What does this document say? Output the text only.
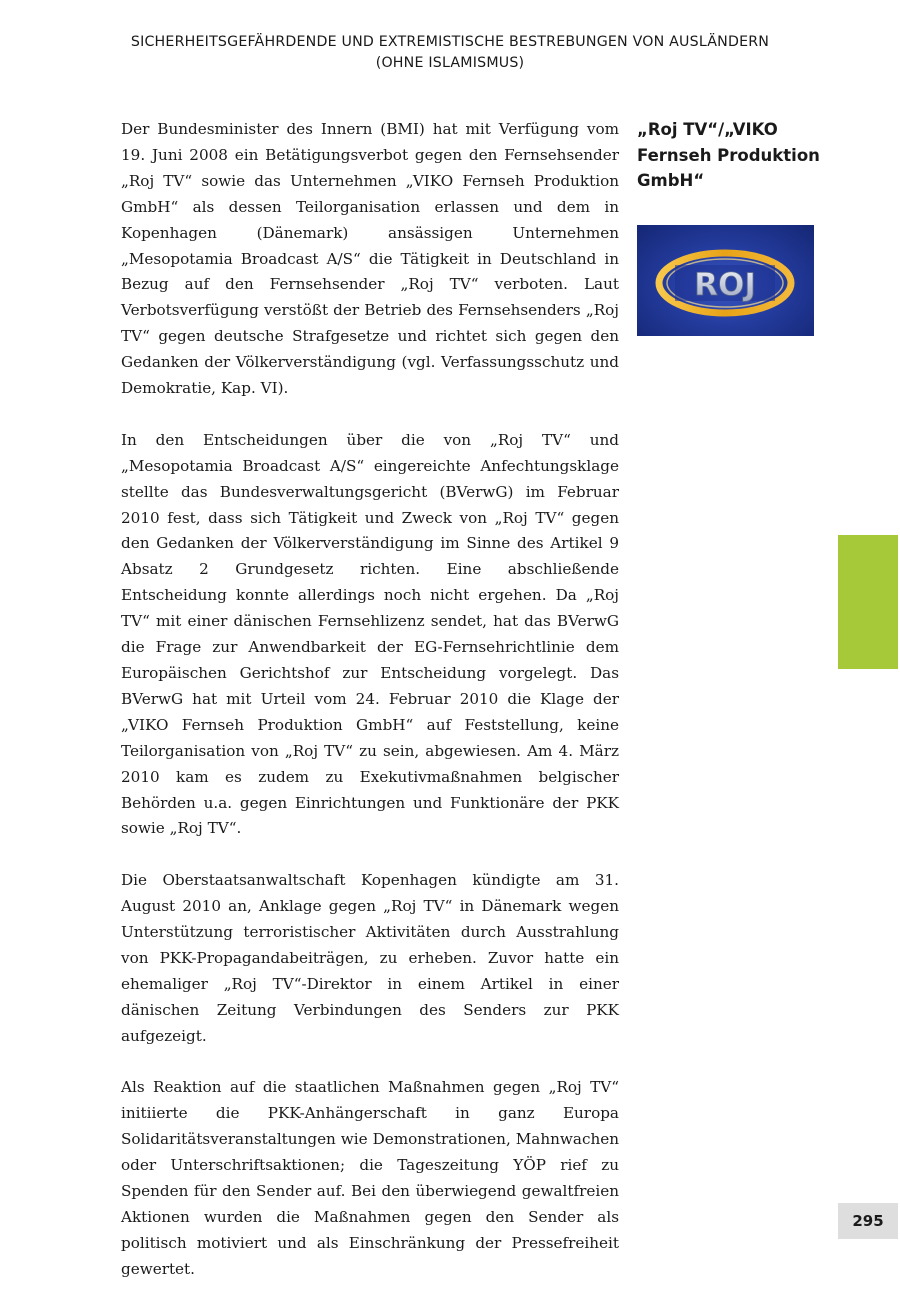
SICHERHEITSGEFÄHRDENDE UND EXTREMISTISCHE BESTREBUNGEN VON AUSLÄNDERN
(OHNE ISLAMISMUS)

Der Bundesminister des Innern (BMI) hat mit Verfügung vom 19. Juni 2008 ein Betätigungsverbot gegen den Fernsehsender „Roj TV“ sowie das Unternehmen „VIKO Fernseh Produktion GmbH“ als dessen Teilorganisation erlassen und dem in Kopenhagen (Dänemark) ansässigen Unternehmen „Mesopotamia Broadcast A/S“ die Tätigkeit in Deutschland in Bezug auf den Fernsehsender „Roj TV“ verboten. Laut Verbotsverfügung verstößt der Betrieb des Fernsehsenders „Roj TV“ gegen deutsche Strafgesetze und richtet sich gegen den Gedanken der Völkerverständigung (vgl. Verfassungsschutz und Demokratie, Kap. VI).

In den Entscheidungen über die von „Roj TV“ und „Mesopotamia Broadcast A/S“ eingereichte Anfechtungsklage stellte das Bundesverwaltungsgericht (BVerwG) im Februar 2010 fest, dass sich Tätigkeit und Zweck von „Roj TV“ gegen den Gedanken der Völkerverständigung im Sinne des Artikel 9 Absatz 2 Grundgesetz richten. Eine abschließende Entscheidung konnte allerdings noch nicht ergehen. Da „Roj TV“ mit einer dänischen Fernsehlizenz sendet, hat das BVerwG die Frage zur Anwendbarkeit der EG-Fernsehrichtlinie dem Europäischen Gerichtshof zur Entscheidung vorgelegt. Das BVerwG hat mit Urteil vom 24. Februar 2010 die Klage der „VIKO Fernseh Produktion GmbH“ auf Feststellung, keine Teilorganisation von „Roj TV“ zu sein, abgewiesen. Am 4. März 2010 kam es zudem zu Exekutivmaßnahmen belgischer Behörden u.a. gegen Einrichtungen und Funktionäre der PKK sowie „Roj TV“.

Die Oberstaatsanwaltschaft Kopenhagen kündigte am 31. August 2010 an, Anklage gegen „Roj TV“ in Dänemark wegen Unterstützung terroristischer Aktivitäten durch Ausstrahlung von PKK-Propagandabeiträgen, zu erheben. Zuvor hatte ein ehemaliger „Roj TV“-Direktor in einem Artikel in einer dänischen Zeitung Verbindungen des Senders zur PKK aufgezeigt.

Als Reaktion auf die staatlichen Maßnahmen gegen „Roj TV“ initiierte die PKK-Anhängerschaft in ganz Europa Solidaritätsveranstaltungen wie Demonstrationen, Mahnwachen oder Unterschriftsaktionen; die Tageszeitung YÖP rief zu Spenden für den Sender auf. Bei den überwiegend gewaltfreien Aktionen wurden die Maßnahmen gegen den Sender als politisch motiviert und als Einschränkung der Pressefreiheit gewertet.

„Roj TV“/„VIKO Fernseh Produktion GmbH“
ROJ
295
